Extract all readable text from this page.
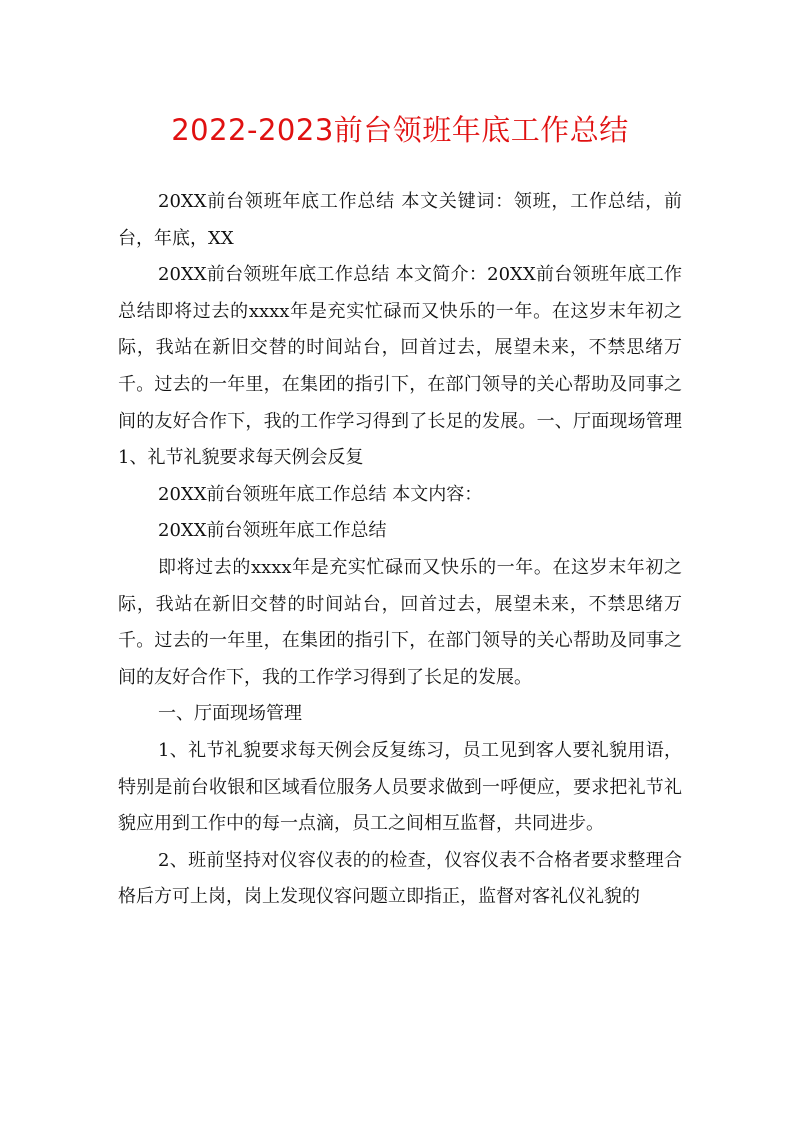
2022-2023前台领班年底工作总结

20XX前台领班年底工作总结 本文关键词：领班，工作总结，前台，年底，XX

20XX前台领班年底工作总结 本文简介：20XX前台领班年底工作总结即将过去的xxxx年是充实忙碌而又快乐的一年。在这岁末年初之际，我站在新旧交替的时间站台，回首过去，展望未来，不禁思绪万千。过去的一年里，在集团的指引下，在部门领导的关心帮助及同事之间的友好合作下，我的工作学习得到了长足的发展。一、厅面现场管理1、礼节礼貌要求每天例会反复

20XX前台领班年底工作总结 本文内容：

20XX前台领班年底工作总结

即将过去的xxxx年是充实忙碌而又快乐的一年。在这岁末年初之际，我站在新旧交替的时间站台，回首过去，展望未来，不禁思绪万千。过去的一年里，在集团的指引下，在部门领导的关心帮助及同事之间的友好合作下，我的工作学习得到了长足的发展。

一、厅面现场管理

1、礼节礼貌要求每天例会反复练习，员工见到客人要礼貌用语，特别是前台收银和区域看位服务人员要求做到一呼便应，要求把礼节礼貌应用到工作中的每一点滴，员工之间相互监督，共同进步。

2、班前坚持对仪容仪表的的检查，仪容仪表不合格者要求整理合格后方可上岗，岗上发现仪容问题立即指正，监督对客礼仪礼貌的
